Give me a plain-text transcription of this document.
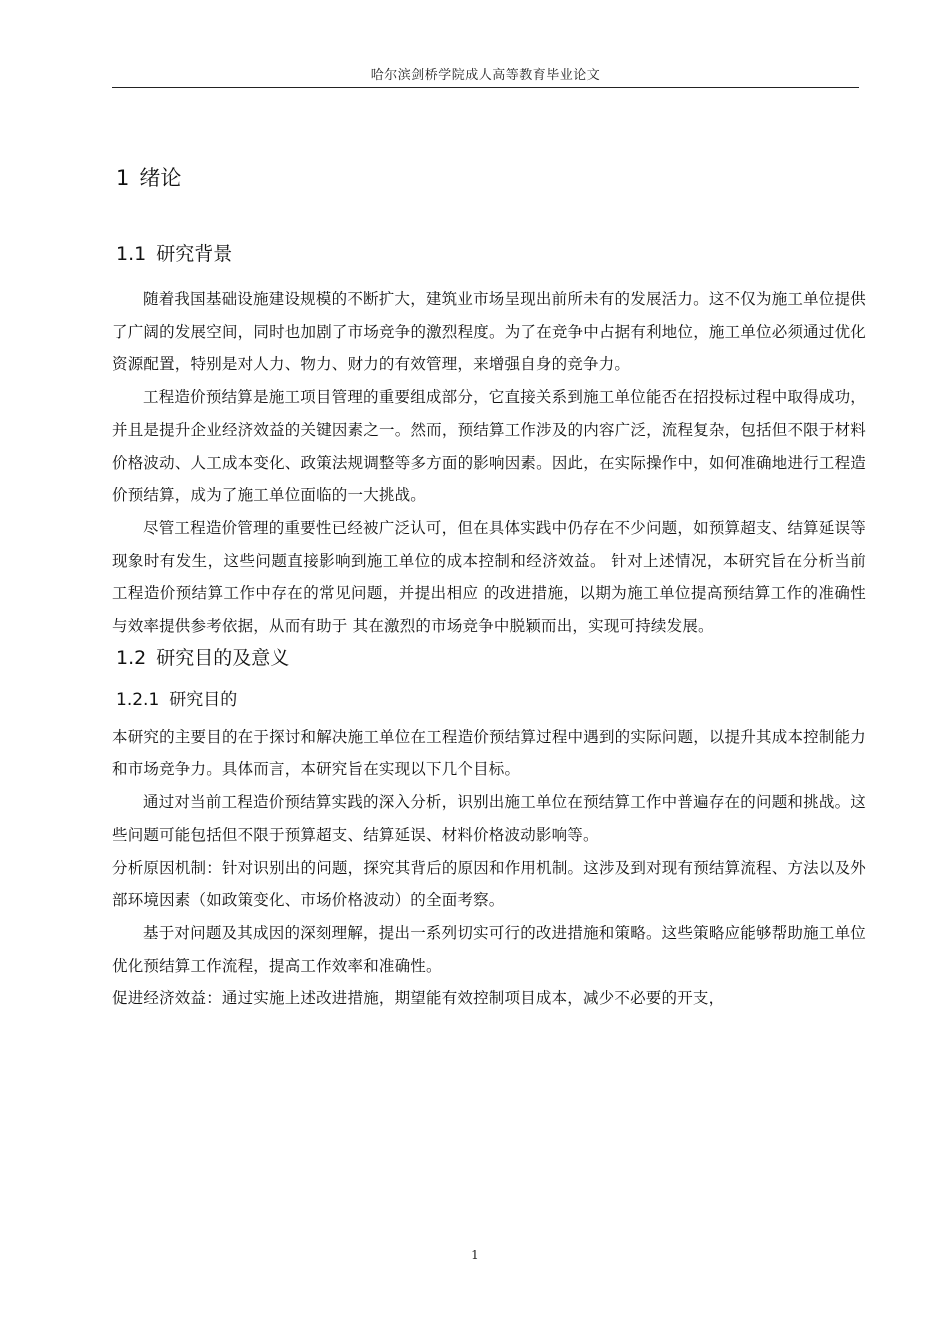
哈尔滨剑桥学院成人高等教育毕业论文
1 绪论
1.1 研究背景

随着我国基础设施建设规模的不断扩大，建筑业市场呈现出前所未有的发展活力。这不仅为施工单位提供了广阔的发展空间，同时也加剧了市场竞争的激烈程度。为了在竞争中占据有利地位，施工单位必须通过优化资源配置，特别是对人力、物力、财力的有效管理，来增强自身的竞争力。

工程造价预结算是施工项目管理的重要组成部分，它直接关系到施工单位能否在招投标过程中取得成功，并且是提升企业经济效益的关键因素之一。然而，预结算工作涉及的内容广泛，流程复杂，包括但不限于材料价格波动、人工成本变化、政策法规调整等多方面的影响因素。因此，在实际操作中，如何准确地进行工程造价预结算，成为了施工单位面临的一大挑战。

尽管工程造价管理的重要性已经被广泛认可，但在具体实践中仍存在不少问题，如预算超支、结算延误等现象时有发生，这些问题直接影响到施工单位的成本控制和经济效益。 针对上述情况，本研究旨在分析当前工程造价预结算工作中存在的常见问题，并提出相应 的改进措施，以期为施工单位提高预结算工作的准确性与效率提供参考依据，从而有助于 其在激烈的市场竞争中脱颖而出，实现可持续发展。

1.2 研究目的及意义
1.2.1 研究目的

本研究的主要目的在于探讨和解决施工单位在工程造价预结算过程中遇到的实际问题，以提升其成本控制能力和市场竞争力。具体而言，本研究旨在实现以下几个目标。

通过对当前工程造价预结算实践的深入分析，识别出施工单位在预结算工作中普遍存在的问题和挑战。这些问题可能包括但不限于预算超支、结算延误、材料价格波动影响等。

分析原因机制：针对识别出的问题，探究其背后的原因和作用机制。这涉及到对现有预结算流程、方法以及外部环境因素（如政策变化、市场价格波动）的全面考察。

基于对问题及其成因的深刻理解，提出一系列切实可行的改进措施和策略。这些策略应能够帮助施工单位优化预结算工作流程，提高工作效率和准确性。

促进经济效益：通过实施上述改进措施，期望能有效控制项目成本，减少不必要的开支，

1
